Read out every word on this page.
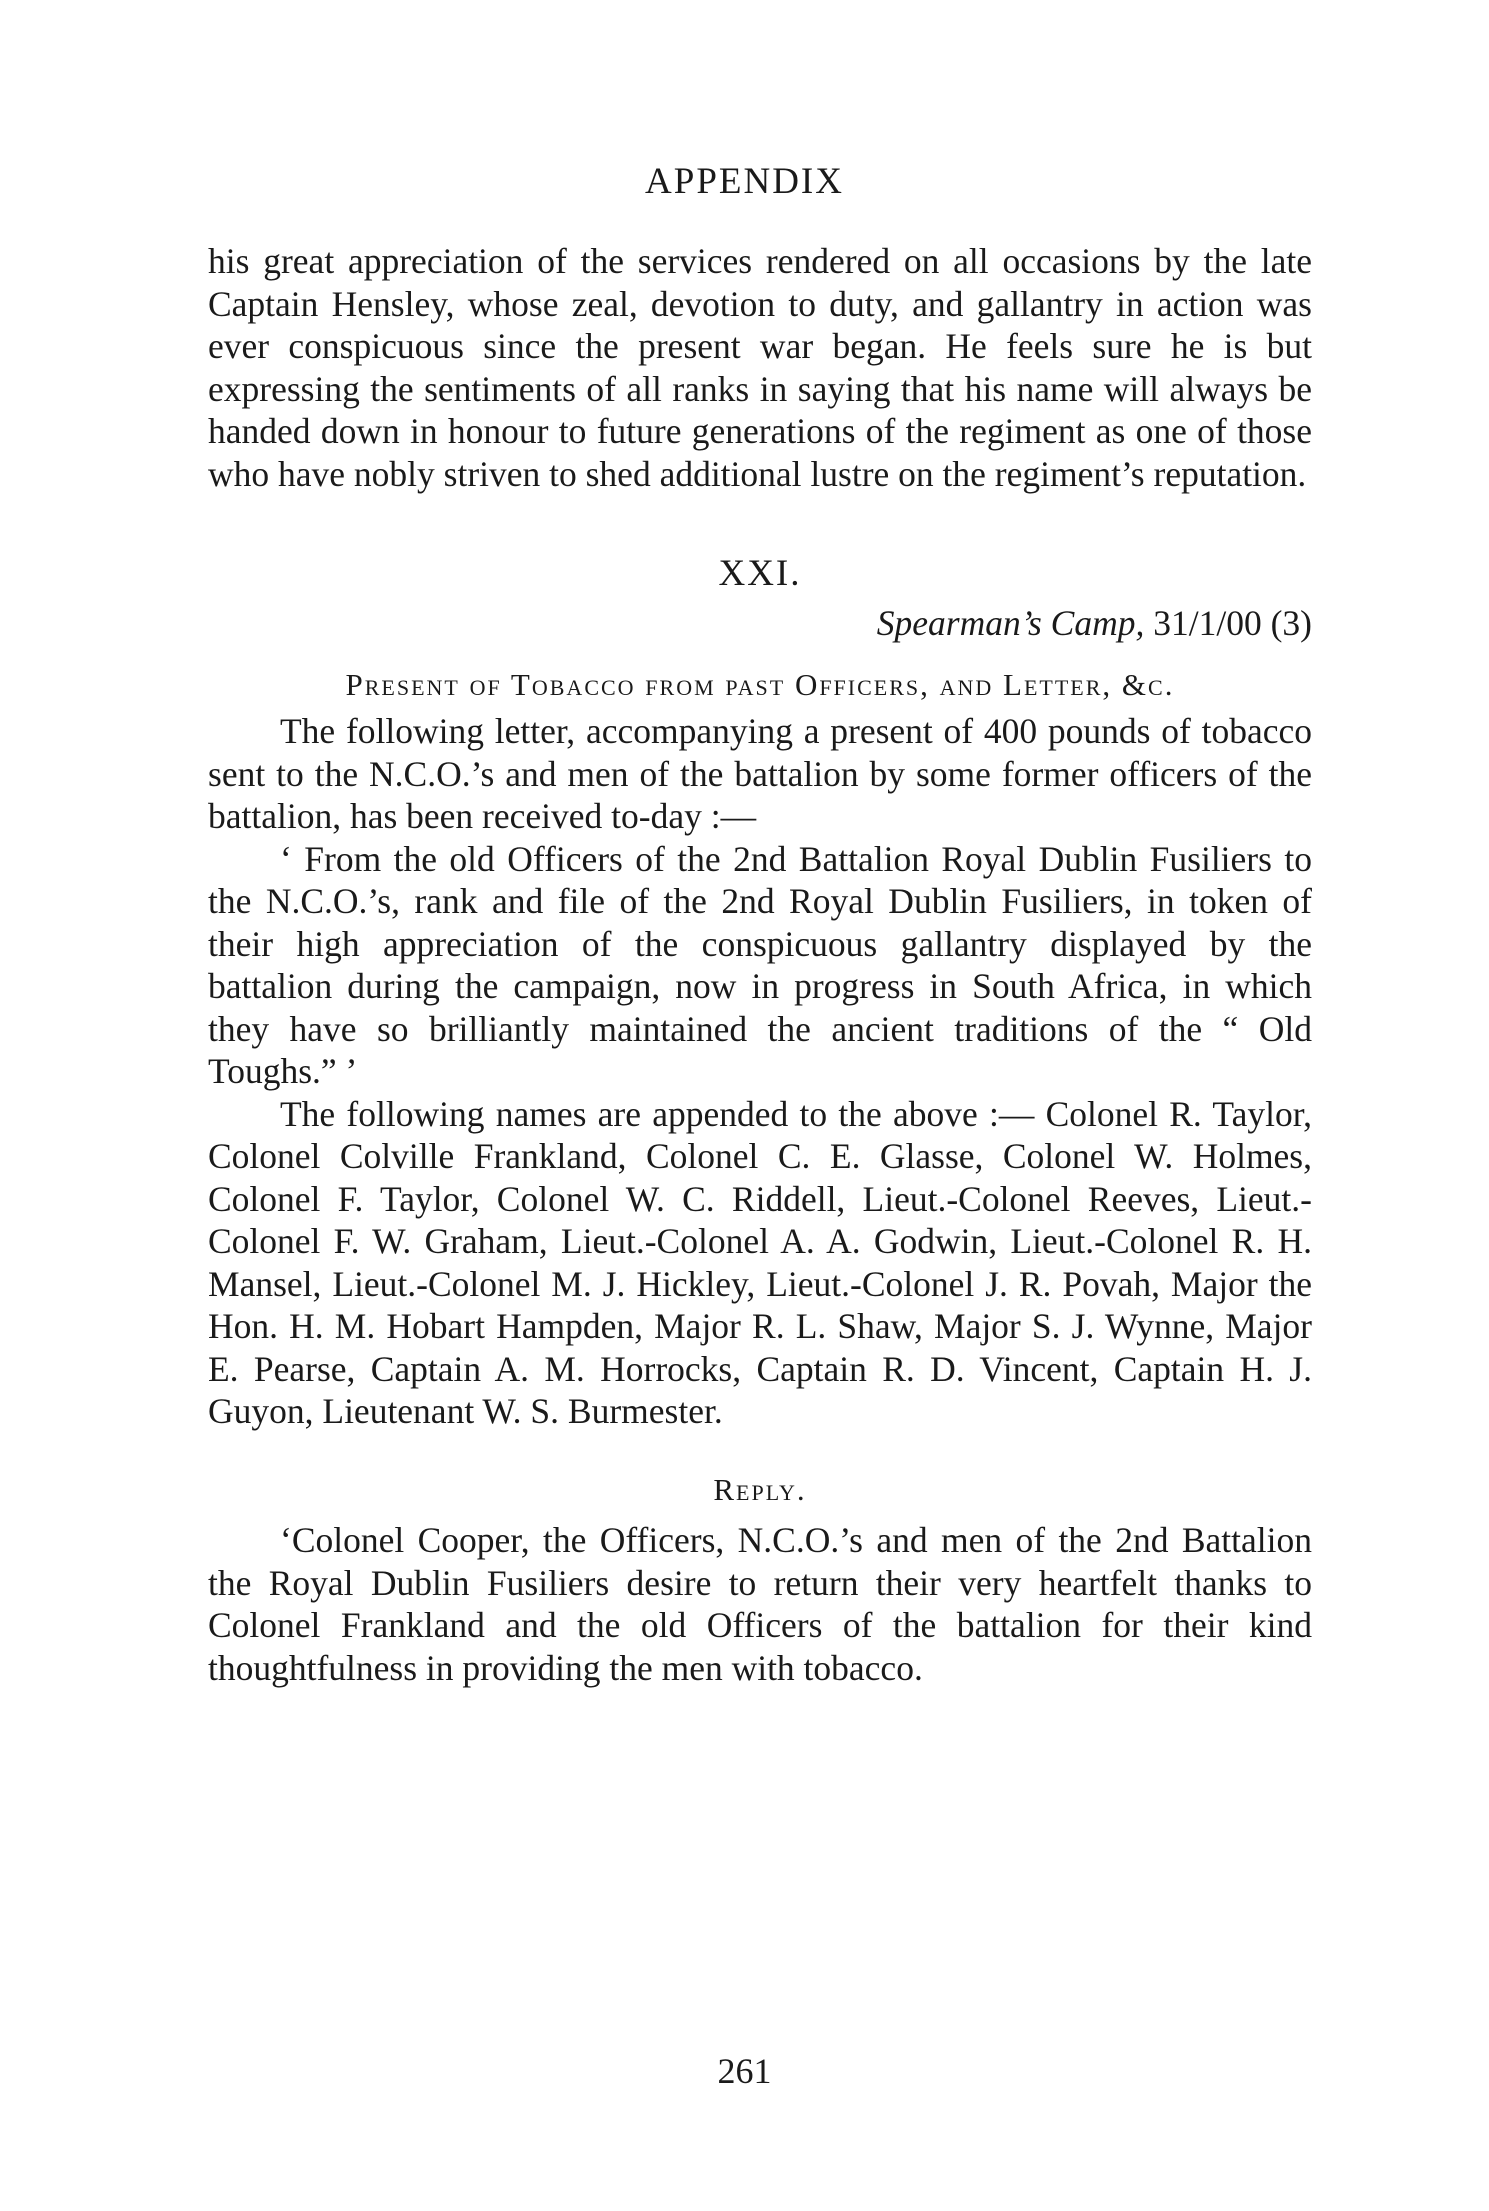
APPENDIX

his great appreciation of the services rendered on all occasions by the late Captain Hensley, whose zeal, devotion to duty, and gallantry in action was ever conspicuous since the present war began. He feels sure he is but expressing the sentiments of all ranks in saying that his name will always be handed down in honour to future generations of the regiment as one of those who have nobly striven to shed additional lustre on the regiment’s reputation.

XXI.

Spearman’s Camp, 31/1/00 (3)

Present of Tobacco from past Officers, and Letter, &c.

The following letter, accompanying a present of 400 pounds of tobacco sent to the N.C.O.’s and men of the battalion by some former officers of the battalion, has been received to-day :—

‘ From the old Officers of the 2nd Battalion Royal Dublin Fusiliers to the N.C.O.’s, rank and file of the 2nd Royal Dublin Fusiliers, in token of their high appreciation of the conspicuous gallantry displayed by the battalion during the campaign, now in progress in South Africa, in which they have so brilliantly maintained the ancient traditions of the “ Old Toughs.” ’

The following names are appended to the above :— Colonel R. Taylor, Colonel Colville Frankland, Colonel C. E. Glasse, Colonel W. Holmes, Colonel F. Taylor, Colonel W. C. Riddell, Lieut.-Colonel Reeves, Lieut.-Colonel F. W. Graham, Lieut.-Colonel A. A. Godwin, Lieut.-Colonel R. H. Mansel, Lieut.-Colonel M. J. Hickley, Lieut.-Colonel J. R. Povah, Major the Hon. H. M. Hobart Hampden, Major R. L. Shaw, Major S. J. Wynne, Major E. Pearse, Captain A. M. Horrocks, Captain R. D. Vincent, Captain H. J. Guyon, Lieutenant W. S. Burmester.

Reply.

‘Colonel Cooper, the Officers, N.C.O.’s and men of the 2nd Battalion the Royal Dublin Fusiliers desire to return their very heartfelt thanks to Colonel Frankland and the old Officers of the battalion for their kind thoughtfulness in providing the men with tobacco.

261
